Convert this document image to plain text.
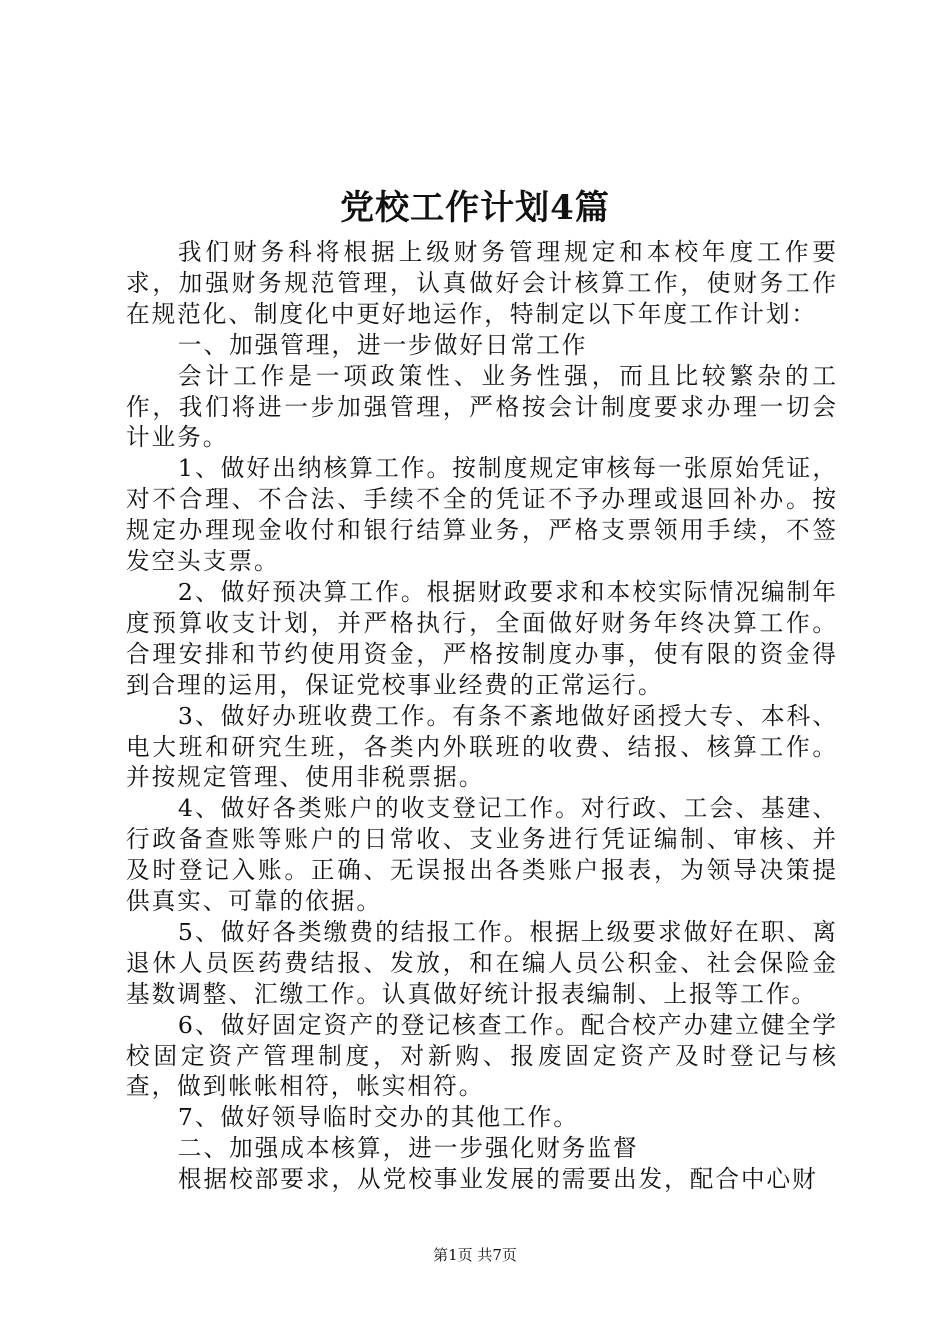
党校工作计划4篇

我们财务科将根据上级财务管理规定和本校年度工作要求，加强财务规范管理，认真做好会计核算工作，使财务工作在规范化、制度化中更好地运作，特制定以下年度工作计划：

一、加强管理，进一步做好日常工作

会计工作是一项政策性、业务性强，而且比较繁杂的工作，我们将进一步加强管理，严格按会计制度要求办理一切会计业务。

1、做好出纳核算工作。按制度规定审核每一张原始凭证，对不合理、不合法、手续不全的凭证不予办理或退回补办。按规定办理现金收付和银行结算业务，严格支票领用手续，不签发空头支票。

2、做好预决算工作。根据财政要求和本校实际情况编制年度预算收支计划，并严格执行，全面做好财务年终决算工作。合理安排和节约使用资金，严格按制度办事，使有限的资金得到合理的运用，保证党校事业经费的正常运行。

3、做好办班收费工作。有条不紊地做好函授大专、本科、电大班和研究生班，各类内外联班的收费、结报、核算工作。并按规定管理、使用非税票据。

4、做好各类账户的收支登记工作。对行政、工会、基建、行政备查账等账户的日常收、支业务进行凭证编制、审核、并及时登记入账。正确、无误报出各类账户报表，为领导决策提供真实、可靠的依据。

5、做好各类缴费的结报工作。根据上级要求做好在职、离退休人员医药费结报、发放，和在编人员公积金、社会保险金基数调整、汇缴工作。认真做好统计报表编制、上报等工作。

6、做好固定资产的登记核查工作。配合校产办建立健全学校固定资产管理制度，对新购、报废固定资产及时登记与核查，做到帐帐相符，帐实相符。

7、做好领导临时交办的其他工作。

二、加强成本核算，进一步强化财务监督

根据校部要求，从党校事业发展的需要出发，配合中心财

第1页 共7页
